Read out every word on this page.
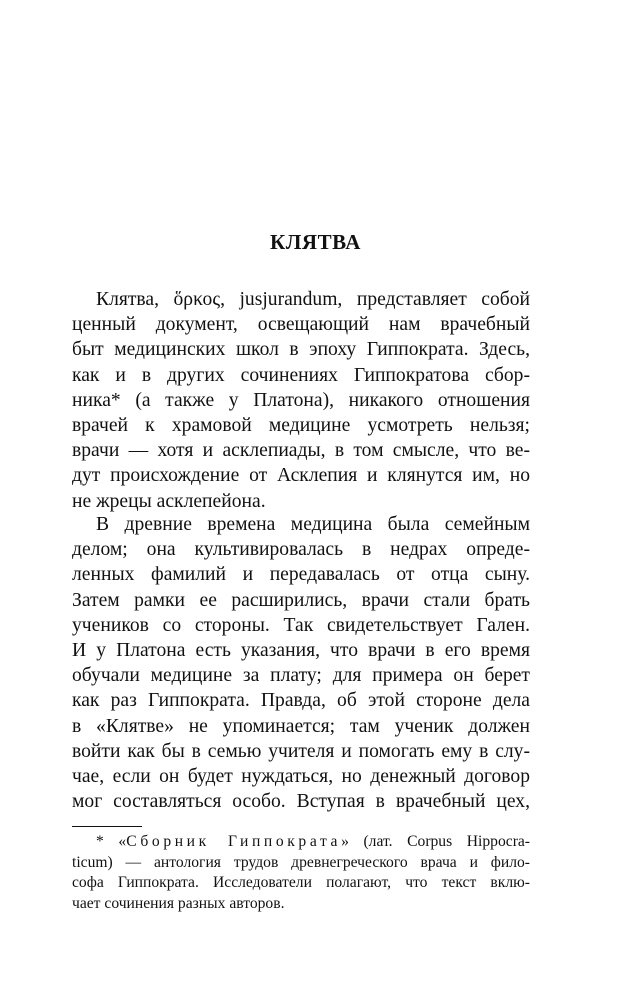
КЛЯТВА
Клятва, ὅρκος, jusjurandum, представляет собой
ценный документ, освещающий нам врачебный
быт медицинских школ в эпоху Гиппократа. Здесь,
как и в других сочинениях Гиппократова сбор-
ника* (а также у Платона), никакого отношения
врачей к храмовой медицине усмотреть нельзя;
врачи — хотя и асклепиады, в том смысле, что ве-
дут происхождение от Асклепия и клянутся им, но
не жрецы асклепейона.
В древние времена медицина была семейным
делом; она культивировалась в недрах опреде-
ленных фамилий и передавалась от отца сыну.
Затем рамки ее расширились, врачи стали брать
учеников со стороны. Так свидетельствует Гален.
И у Платона есть указания, что врачи в его время
обучали медицине за плату; для примера он берет
как раз Гиппократа. Правда, об этой стороне дела
в «Клятве» не упоминается; там ученик должен
войти как бы в семью учителя и помогать ему в слу-
чае, если он будет нуждаться, но денежный договор
мог составляться особо. Вступая в врачебный цех,
* «Сборник Гиппократа» (лат. Corpus Hippocra-
ticum) — антология трудов древнегреческого врача и фило-
софа Гиппократа. Исследователи полагают, что текст вклю-
чает сочинения разных авторов.
